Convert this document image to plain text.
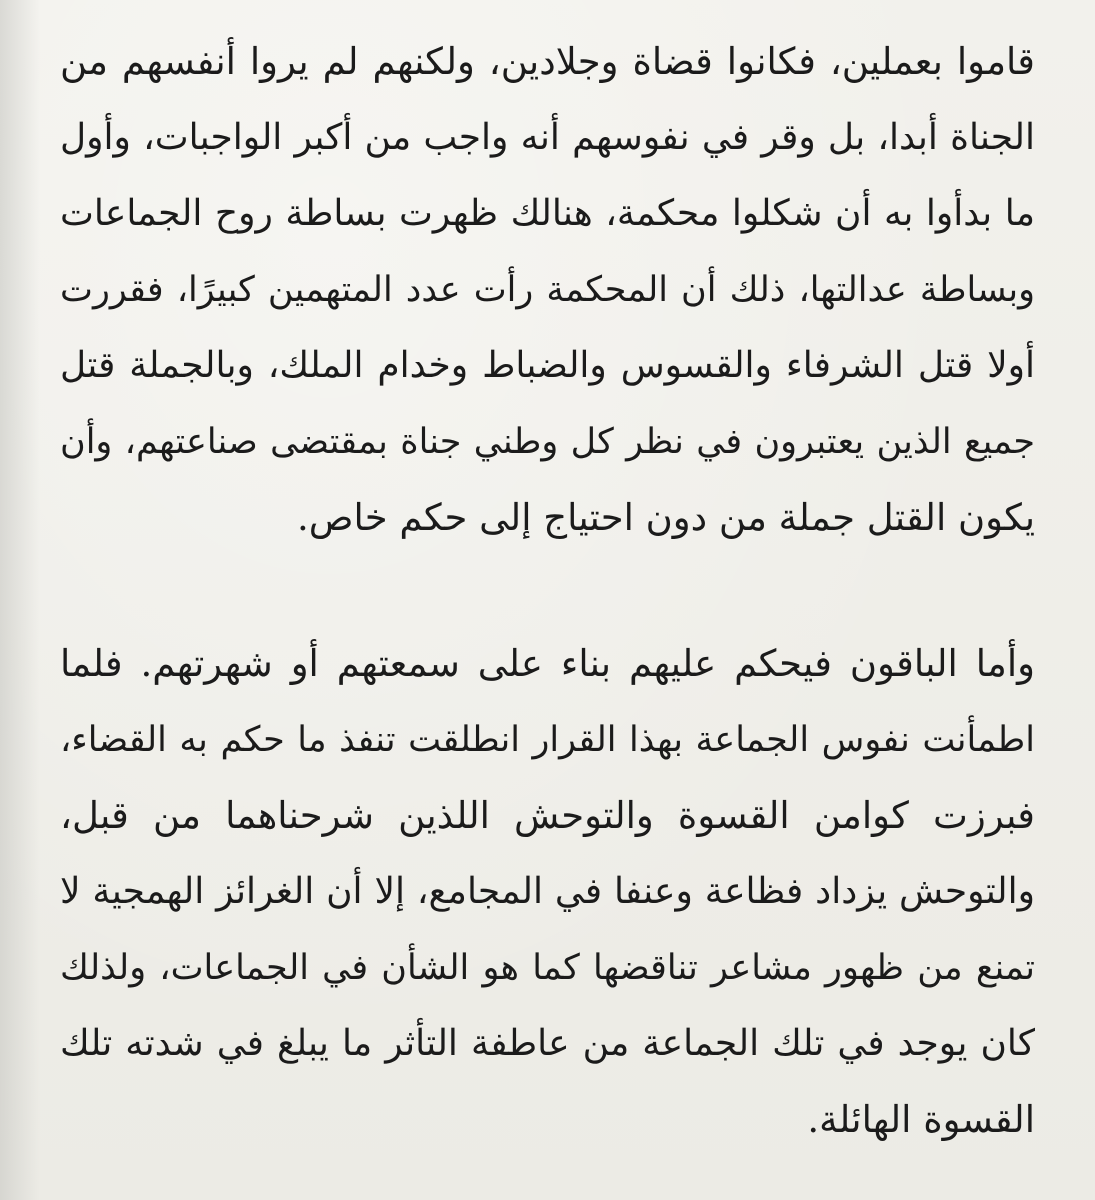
قاموا بعملين، فكانوا قضاة وجلادين، ولكنهم لم يروا أنفسهم من
الجناة أبدا، بل وقر في نفوسهم أنه واجب من أكبر الواجبات، وأول
ما بدأوا به أن شكلوا محكمة، هنالك ظهرت بساطة روح الجماعات
وبساطة عدالتها، ذلك أن المحكمة رأت عدد المتهمين كبيرًا، فقررت
أولا قتل الشرفاء والقسوس والضباط وخدام الملك، وبالجملة قتل
جميع الذين يعتبرون في نظر كل وطني جناة بمقتضى صناعتهم، وأن
يكون القتل جملة من دون احتياج إلى حكم خاص.
وأما الباقون فيحكم عليهم بناء على سمعتهم أو شهرتهم. فلما
اطمأنت نفوس الجماعة بهذا القرار انطلقت تنفذ ما حكم به القضاء،
فبرزت كوامن القسوة والتوحش اللذين شرحناهما من قبل،
والتوحش يزداد فظاعة وعنفا في المجامع، إلا أن الغرائز الهمجية لا
تمنع من ظهور مشاعر تناقضها كما هو الشأن في الجماعات، ولذلك
كان يوجد في تلك الجماعة من عاطفة التأثر ما يبلغ في شدته تلك
القسوة الهائلة.
